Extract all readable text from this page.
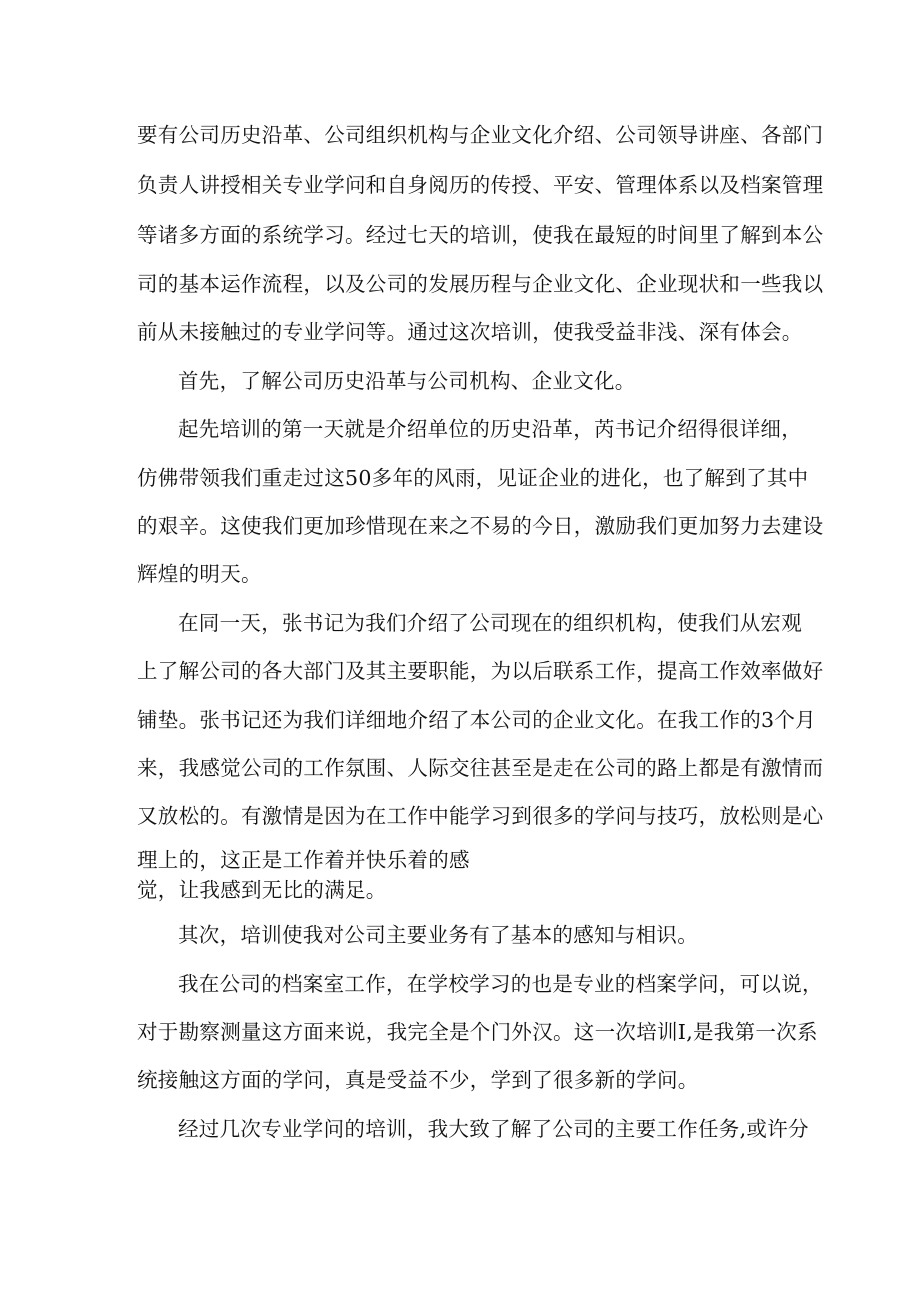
要有公司历史沿革、公司组织机构与企业文化介绍、公司领导讲座、各部门
负责人讲授相关专业学问和自身阅历的传授、平安、管理体系以及档案管理
等诸多方面的系统学习。经过七天的培训，使我在最短的时间里了解到本公
司的基本运作流程，以及公司的发展历程与企业文化、企业现状和一些我以
前从未接触过的专业学问等。通过这次培训，使我受益非浅、深有体会。
首先，了解公司历史沿革与公司机构、企业文化。
起先培训的第一天就是介绍单位的历史沿革，芮书记介绍得很详细，
仿佛带领我们重走过这50多年的风雨，见证企业的进化，也了解到了其中
的艰辛。这使我们更加珍惜现在来之不易的今日，激励我们更加努力去建设
辉煌的明天。
在同一天，张书记为我们介绍了公司现在的组织机构，使我们从宏观
上了解公司的各大部门及其主要职能，为以后联系工作，提高工作效率做好
铺垫。张书记还为我们详细地介绍了本公司的企业文化。在我工作的3个月
来，我感觉公司的工作氛围、人际交往甚至是走在公司的路上都是有激情而
又放松的。有激情是因为在工作中能学习到很多的学问与技巧，放松则是心
理上的，这正是工作着并快乐着的感
觉，让我感到无比的满足。
其次，培训使我对公司主要业务有了基本的感知与相识。
我在公司的档案室工作，在学校学习的也是专业的档案学问，可以说，
对于勘察测量这方面来说，我完全是个门外汉。这一次培训I,是我第一次系
统接触这方面的学问，真是受益不少，学到了很多新的学问。
经过几次专业学问的培训，我大致了解了公司的主要工作任务,或许分
